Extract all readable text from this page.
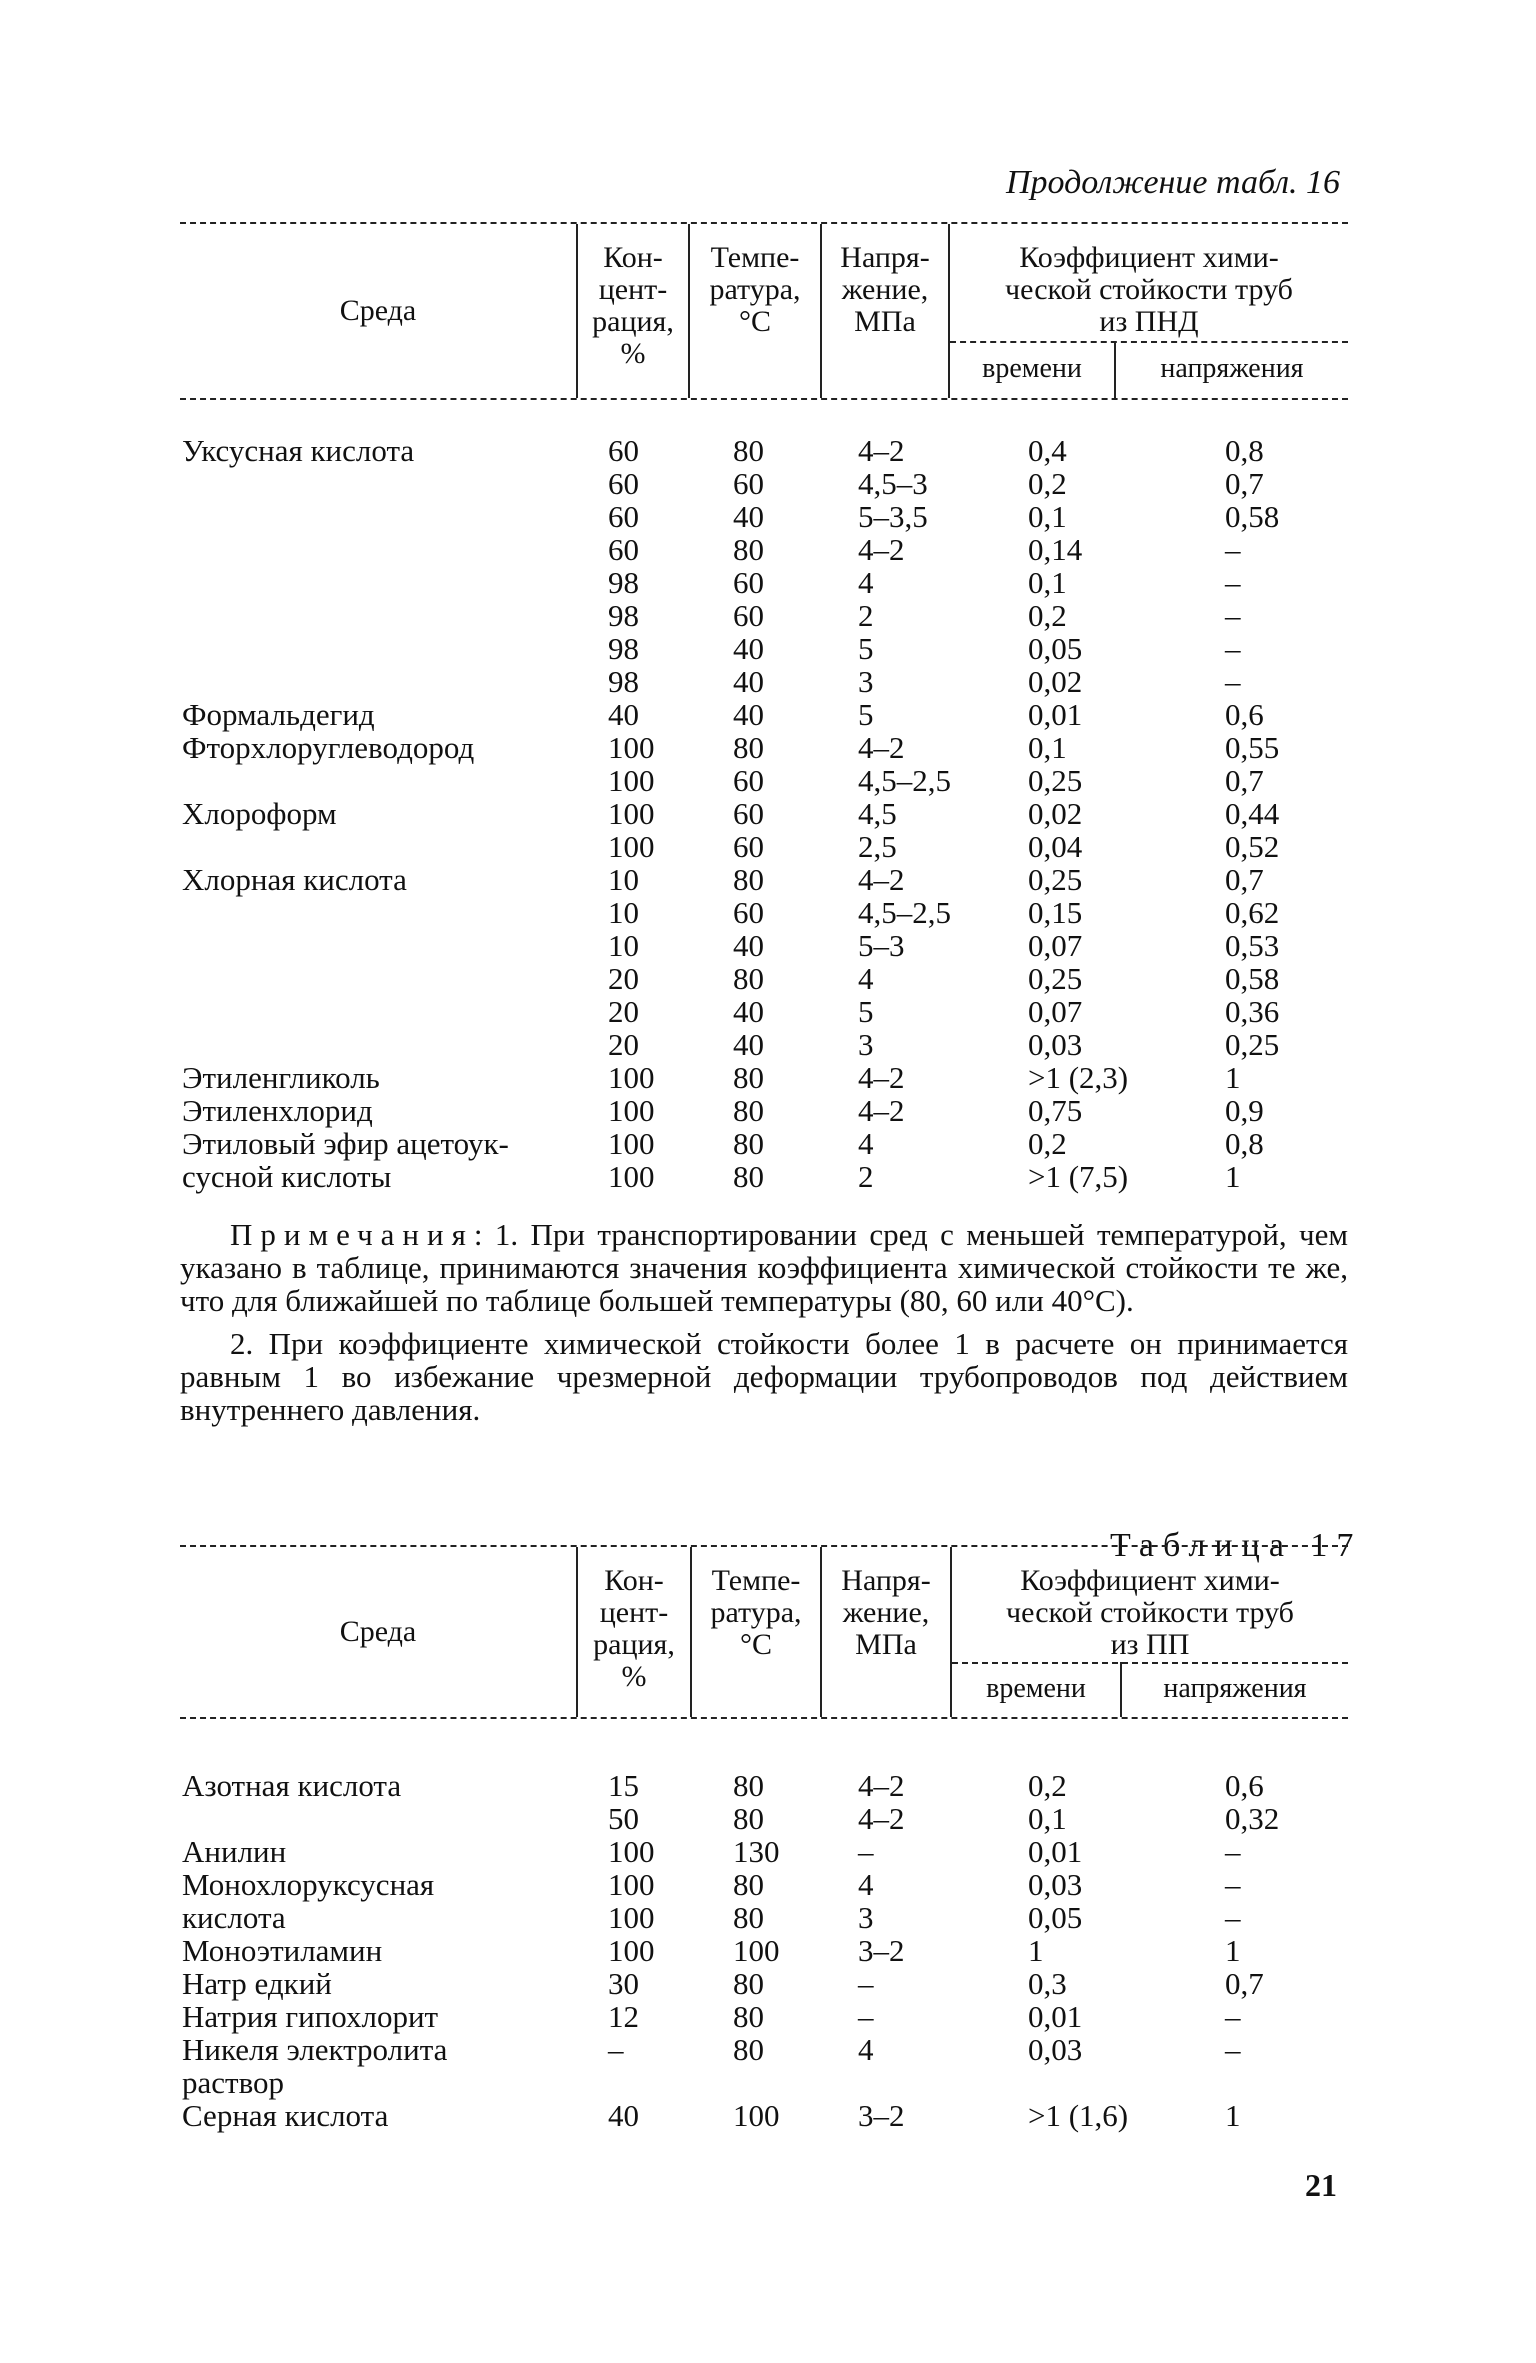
Продолжение табл. 16
Среда
Кон-
цент-
рация,
%
Темпе-
ратура,
°С
Напря-
жение,
МПа
Коэффициент хими-
ческой стойкости труб
из ПНД
времени	напряжения
Уксусная кислота	60	80	4–2	0,4	0,8
60	60	4,5–3	0,2	0,7
60	40	5–3,5	0,1	0,58
60	80	4–2	0,14	–
98	60	4	0,1	–
98	60	2	0,2	–
98	40	5	0,05	–
98	40	3	0,02	–
Формальдегид	40	40	5	0,01	0,6
Фторхлоруглеводород	100	80	4–2	0,1	0,55
100	60	4,5–2,5 0,25	0,7
Хлороформ	100	60	4,5	0,02	0,44
100	60	2,5	0,04	0,52
Хлорная кислота	10	80	4–2	0,25	0,7
10	60	4,5–2,5 0,15	0,62
10	40	5–3	0,07	0,53
20	80	4	0,25	0,58
20	40	5	0,07	0,36
20	40	3	0,03	0,25
Этиленгликоль	100	80	4–2	>1 (2,3)	1
Этиленхлорид	100	80	4–2	0,75	0,9
Этиловый эфир ацетоук-	100	80	4	0,2	0,8
сусной кислоты	100	80	2	>1 (7,5)	1

Примечания: 1. При транспортировании сред с меньшей температурой, чем указано в таблице, принимаются значения коэффициента химической стойкости те же, что для ближайшей по таблице большей температуры (80, 60 или 40°С).

2. При коэффициенте химической стойкости более 1 в расчете он принимается равным 1 во избежание чрезмерной деформации трубопроводов под действием внутреннего давления.

Таблица 17
Среда
Кон-
цент-
рация,
%
Темпе-
ратура,
°С
Напря-
жение,
МПа
Коэффициент хими-
ческой стойкости труб
из ПП
времени	напряжения
Азотная кислота	15	80	4–2	0,2	0,6
50	80	4–2	0,1	0,32
Анилин	100	130	–	0,01	–
Монохлоруксусная	100	80	4	0,03	–
кислота	100	80	3	0,05	–
Моноэтиламин	100	100	3–2	1	1
Натр едкий	30	80	–	0,3	0,7
Натрия гипохлорит	12	80	–	0,01	–
Никеля электролита	–	80	4	0,03	–
раствор
Серная кислота	40	100	3–2	>1 (1,6)	1
21
